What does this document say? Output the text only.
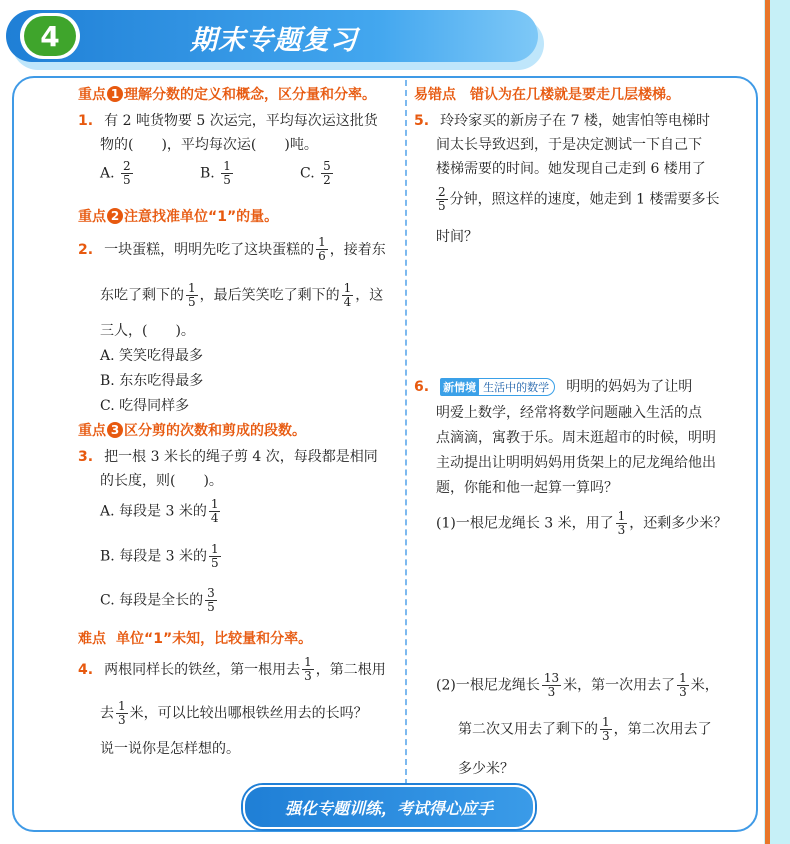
4	期末专题复习
重点 1 理解分数的定义和概念，区分量和分率。
1. 有 2 吨货物要 5 次运完，平均每次运这批货
物的(　　)，平均每次运(　　)吨。
A. $\frac{2}{5}$	B. $\frac{1}{5}$	C. $\frac{5}{2}$
重点 2 注意找准单位“1”的量。
2. 一块蛋糕，明明先吃了这块蛋糕的 $\frac{1}{6}$ ，接着东
东吃了剩下的 $\frac{1}{5}$ ，最后笑笑吃了剩下的 $\frac{1}{4}$ ，这
三人，(　　)。
A. 笑笑吃得最多
B. 东东吃得最多
C. 吃得同样多
重点 3 区分剪的次数和剪成的段数。
3. 把一根 3 米长的绳子剪 4 次，每段都是相同
的长度，则(　　)。
A. 每段是 3 米的 $\frac{1}{4}$
B. 每段是 3 米的 $\frac{1}{5}$
C. 每段是全长的 $\frac{3}{5}$
难点 单位“1”未知，比较量和分率。
4. 两根同样长的铁丝，第一根用去 $\frac{1}{3}$ ，第二根用
去 $\frac{1}{3}$ 米，可以比较出哪根铁丝用去的长吗？
说一说你是怎样想的。
易错点 错认为在几楼就是要走几层楼梯。
5. 玲玲家买的新房子在 7 楼，她害怕等电梯时
间太长导致迟到，于是决定测试一下自己下
楼梯需要的时间。她发现自己走到 6 楼用了
$\frac{2}{5}$ 分钟，照这样的速度，她走到 1 楼需要多长
时间？
6. 新情境 生活中的数学 明明的妈妈为了让明
明爱上数学，经常将数学问题融入生活的点
点滴滴，寓教于乐。周末逛超市的时候，明明
主动提出让明明妈妈用货架上的尼龙绳给他出
题，你能和他一起算一算吗？
(1)一根尼龙绳长 3 米，用了 $\frac{1}{3}$ ，还剩多少米？
(2)一根尼龙绳长 $\frac{13}{3}$ 米，第一次用去了 $\frac{1}{3}$ 米，
第二次又用去了剩下的 $\frac{1}{3}$ ，第二次用去了
多少米？
强化专题训练，考试得心应手
